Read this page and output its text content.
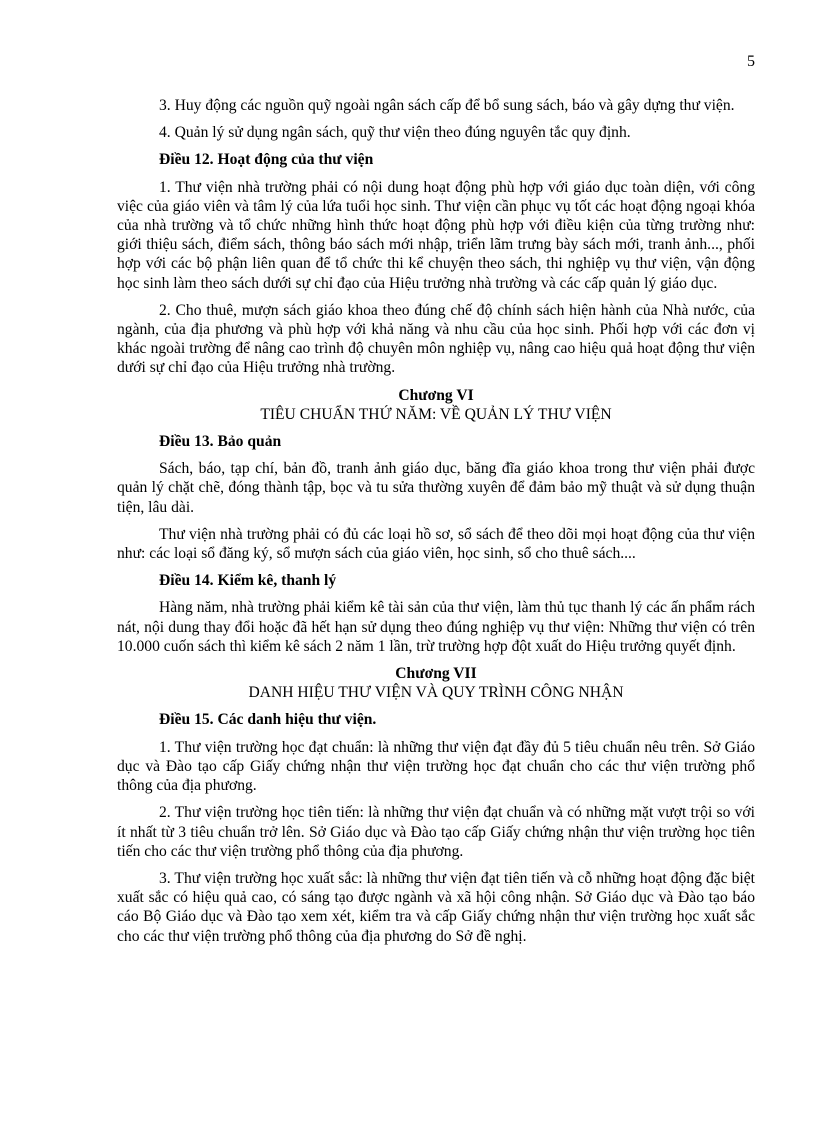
5

3. Huy động các nguồn quỹ ngoài ngân sách cấp để bổ sung sách, báo và gây dựng thư viện.

4. Quản lý sử dụng ngân sách, quỹ thư viện theo đúng nguyên tắc quy định.

Điều 12. Hoạt động của thư viện

1. Thư viện nhà trường phải có nội dung hoạt động phù hợp với giáo dục toàn diện, với công việc của giáo viên và tâm lý của lứa tuổi học sinh. Thư viện cần phục vụ tốt các hoạt động ngoại khóa của nhà trường và tổ chức những hình thức hoạt động phù hợp với điều kiện của từng trường như: giới thiệu sách, điểm sách, thông báo sách mới nhập, triển lãm trưng bày sách mới, tranh ảnh..., phối hợp với các bộ phận liên quan để tổ chức thi kể chuyện theo sách, thi nghiệp vụ thư viện, vận động học sinh làm theo sách dưới sự chỉ đạo của Hiệu trưởng nhà trường và các cấp quản lý giáo dục.

2. Cho thuê, mượn sách giáo khoa theo đúng chế độ chính sách hiện hành của Nhà nước, của ngành, của địa phương và phù hợp với khả năng và nhu cầu của học sinh. Phối hợp với các đơn vị khác ngoài trường để nâng cao trình độ chuyên môn nghiệp vụ, nâng cao hiệu quả hoạt động thư viện dưới sự chỉ đạo của Hiệu trưởng nhà trường.

Chương VI

TIÊU CHUẨN THỨ NĂM: VỀ QUẢN LÝ THƯ VIỆN

Điều 13. Bảo quản

Sách, báo, tạp chí, bản đồ, tranh ảnh giáo dục, băng đĩa giáo khoa trong thư viện phải được quản lý chặt chẽ, đóng thành tập, bọc và tu sửa thường xuyên để đảm bảo mỹ thuật và sử dụng thuận tiện, lâu dài.

Thư viện nhà trường phải có đủ các loại hồ sơ, sổ sách để theo dõi mọi hoạt động của thư viện như: các loại sổ đăng ký, sổ mượn sách của giáo viên, học sinh, sổ cho thuê sách....

Điều 14. Kiểm kê, thanh lý

Hàng năm, nhà trường phải kiểm kê tài sản của thư viện, làm thủ tục thanh lý các ấn phẩm rách nát, nội dung thay đổi hoặc đã hết hạn sử dụng theo đúng nghiệp vụ thư viện: Những thư viện có trên 10.000 cuốn sách thì kiểm kê sách 2 năm 1 lần, trừ trường hợp đột xuất do Hiệu trưởng quyết định.

Chương VII

DANH HIỆU THƯ VIỆN VÀ QUY TRÌNH CÔNG NHẬN

Điều 15. Các danh hiệu thư viện.

1. Thư viện trường học đạt chuẩn: là những thư viện đạt đầy đủ 5 tiêu chuẩn nêu trên. Sở Giáo dục và Đào tạo cấp Giấy chứng nhận thư viện trường học đạt chuẩn cho các thư viện trường phổ thông của địa phương.

2. Thư viện trường học tiên tiến: là những thư viện đạt chuẩn và có những mặt vượt trội so với ít nhất từ 3 tiêu chuẩn trở lên. Sở Giáo dục và Đào tạo cấp Giấy chứng nhận thư viện trường học tiên tiến cho các thư viện trường phổ thông của địa phương.

3. Thư viện trường học xuất sắc: là những thư viện đạt tiên tiến và cỗ những hoạt động đặc biệt xuất sắc có hiệu quả cao, có sáng tạo được ngành và xã hội công nhận. Sở Giáo dục và Đào tạo báo cáo Bộ Giáo dục và Đào tạo xem xét, kiểm tra và cấp Giấy chứng nhận thư viện trường học xuất sắc cho các thư viện trường phổ thông của địa phương do Sở đề nghị.
